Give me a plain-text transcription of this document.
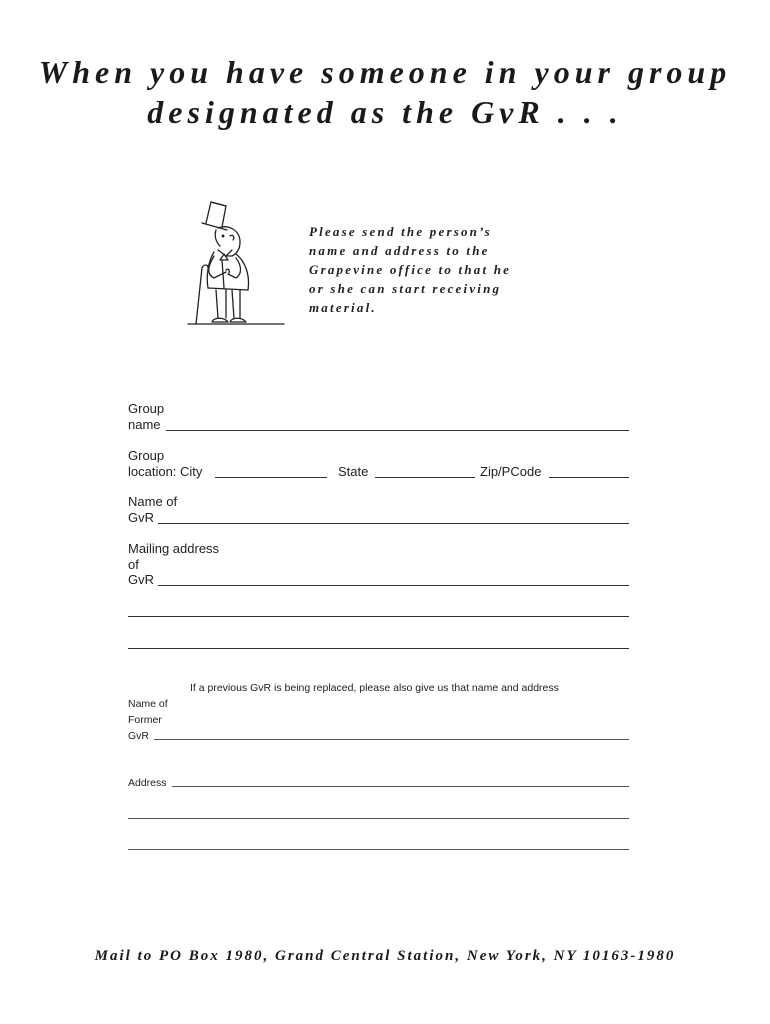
When you have someone in your group
designated as the GvR . . .
Please send the person’s
name and address to the
Grapevine office to that he
or she can start receiving
material.
Group
name
Group
location: City	State	Zip/PCode
Name of
GvR
Mailing address
of
GvR
If a previous GvR is being replaced, please also give us that name and address
Name of
Former
GvR
Address
Mail to PO Box 1980, Grand Central Station, New York, NY 10163-1980
